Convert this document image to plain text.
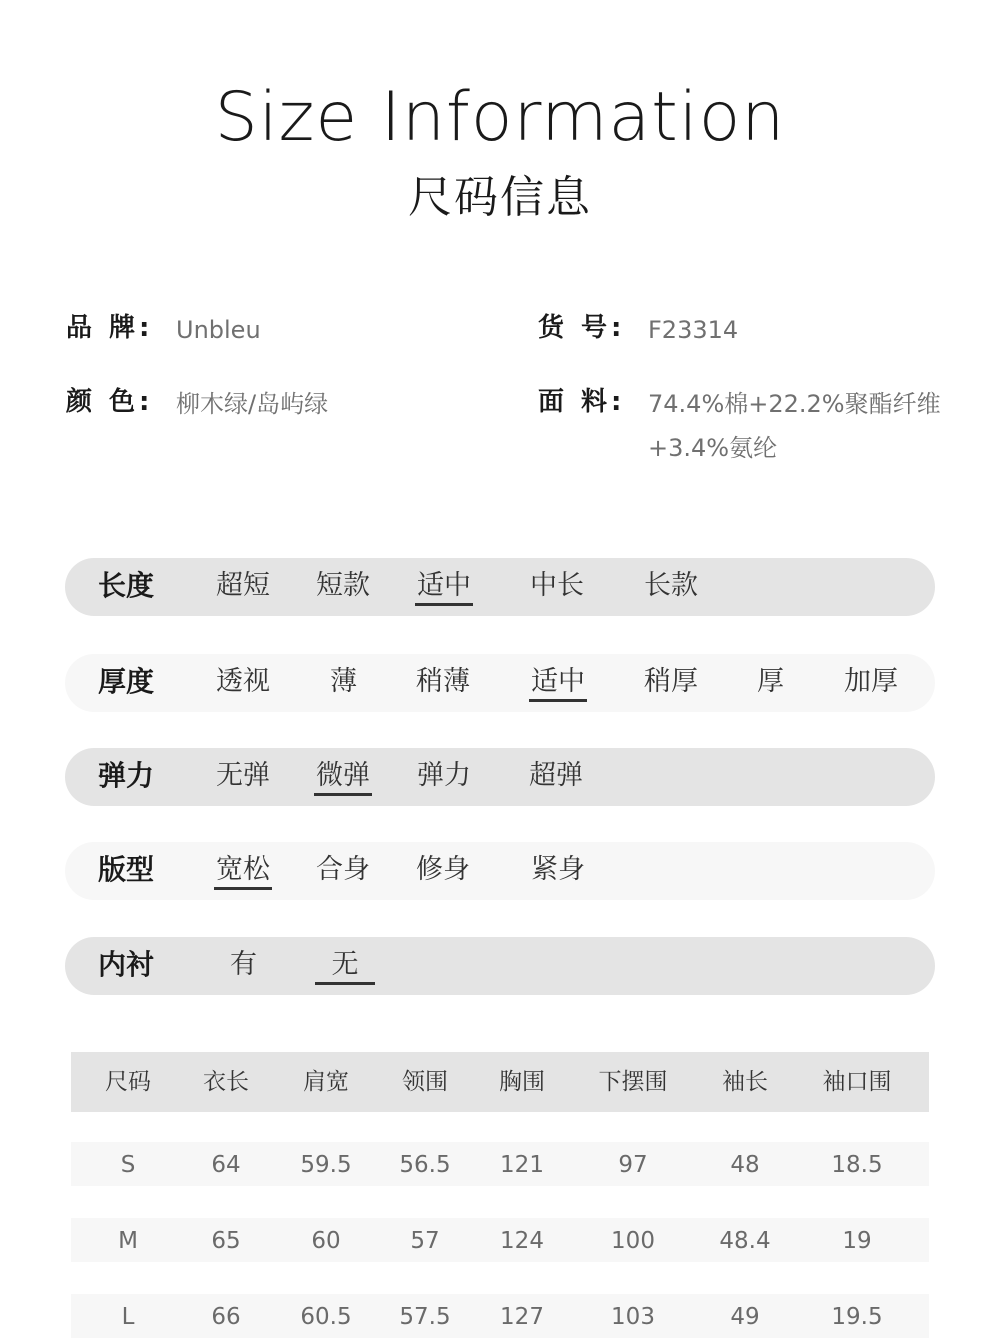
Size Information
尺码信息
品 牌: Unbleu	货 号: F23314
颜 色: 柳木绿/岛屿绿	面 料: 74.4%棉+22.2%聚酯纤维
+3.4%氨纶
长度 超短 短款 适中 中长 长款
厚度 透视 薄 稍薄 适中 稍厚 厚 加厚
弹力 无弹 微弹 弹力 超弹
版型 宽松 合身 修身 紧身
内衬	有	无
尺码	衣长	肩宽	领围	胸围	下摆围	袖长	袖口围
S	64	59.5	56.5	121	97	48	18.5
M	65	60	57	124	100	48.4	19
L	66	60.5	57.5	127	103	49	19.5
